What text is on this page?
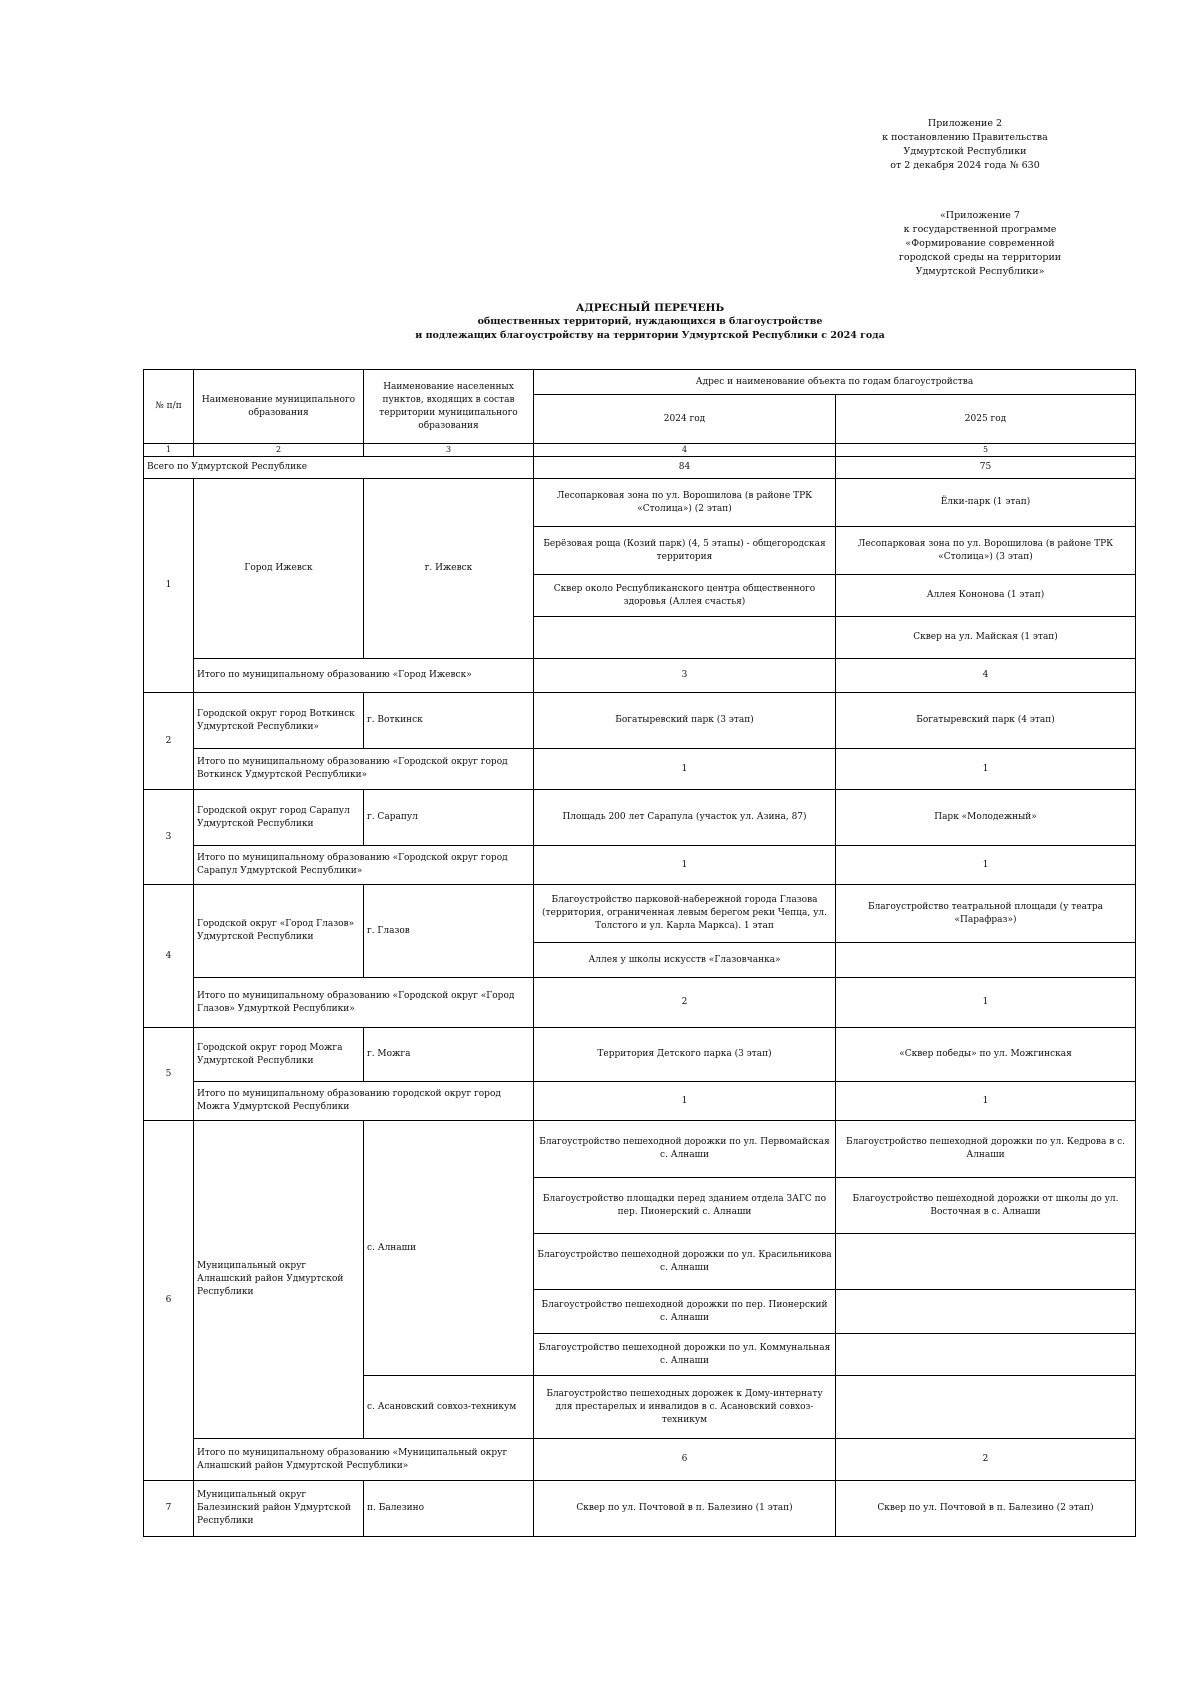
Приложение 2
к постановлению Правительства
Удмуртской Республики
от 2 декабря 2024 года № 630
«Приложение 7
к государственной программе
«Формирование современной
городской среды на территории
Удмуртской Республики»
АДРЕСНЫЙ ПЕРЕЧЕНЬ
общественных территорий, нуждающихся в благоустройстве
и подлежащих благоустройству на территории Удмуртской Республики с 2024 года
№ п/п	Наименование муниципального образования	Наименование населенных пунктов, входящих в состав территории муниципального образования	Адрес и наименование объекта по годам благоустройства	
			2024 год	2025 год
1	2	3	4	5
Всего по Удмуртской Республике			84	75
1	Город Ижевск	г. Ижевск	Лесопарковая зона по ул. Ворошилова (в районе ТРК «Столица») (2 этап)	Ёлки-парк (1 этап)
			Берёзовая роща (Козий парк) (4, 5 этапы) - общегородская территория	Лесопарковая зона по ул. Ворошилова (в районе ТРК «Столица») (3 этап)
			Сквер около Республиканского центра общественного здоровья (Аллея счастья)	Аллея Кононова (1 этап)
				Сквер на ул. Майская (1 этап)
	Итого по муниципальному образованию «Город Ижевск»		3	4
2	Городской округ город Воткинск Удмуртской Республики»	г. Воткинск	Богатыревский парк (3 этап)	Богатыревский парк (4 этап)
	Итого по муниципальному образованию «Городской округ город Воткинск Удмуртской Республики»		1	1
3	Городской округ город Сарапул Удмуртской Республики	г. Сарапул	Площадь 200 лет Сарапула (участок ул. Азина, 87)	Парк «Молодежный»
	Итого по муниципальному образованию «Городской округ город Сарапул Удмуртской Республики»		1	1
4	Городской округ «Город Глазов» Удмуртской Республики	г. Глазов	Благоустройство парковой-набережной города Глазова (территория, ограниченная левым берегом реки Чепца, ул. Толстого и ул. Карла Маркса). 1 этап	Благоустройство театральной площади (у театра «Парафраз»)
			Аллея у школы искусств «Глазовчанка»	
	Итого по муниципальному образованию «Городской округ «Город Глазов» Удмурткой Республики»		2	1
5	Городской округ город Можга Удмуртской Республики	г. Можга	Территория Детского парка (3 этап)	«Сквер победы» по ул. Можгинская
	Итого по муниципальному образованию городской округ город Можга Удмуртской Республики		1	1
6	Муниципальный округ Алнашский район Удмуртской Республики	с. Алнаши	Благоустройство пешеходной дорожки по ул. Первомайская с. Алнаши	Благоустройство пешеходной дорожки по ул. Кедрова в с. Алнаши
			Благоустройство площадки перед зданием отдела ЗАГС по пер. Пионерский с. Алнаши	Благоустройство пешеходной дорожки от школы до ул. Восточная в с. Алнаши
			Благоустройство пешеходной дорожки по ул. Красильникова с. Алнаши	
			Благоустройство пешеходной дорожки по пер. Пионерский с. Алнаши	
			Благоустройство пешеходной дорожки по ул. Коммунальная с. Алнаши	
		с. Асановский совхоз-техникум	Благоустройство пешеходных дорожек к Дому-интернату для престарелых и инвалидов в с. Асановский совхоз-техникум	
	Итого по муниципальному образованию «Муниципальный округ Алнашский район Удмуртской Республики»		6	2
7	Муниципальный округ Балезинский район Удмуртской Республики	п. Балезино	Сквер по ул. Почтовой в п. Балезино (1 этап)	Сквер по ул. Почтовой в п. Балезино (2 этап)
